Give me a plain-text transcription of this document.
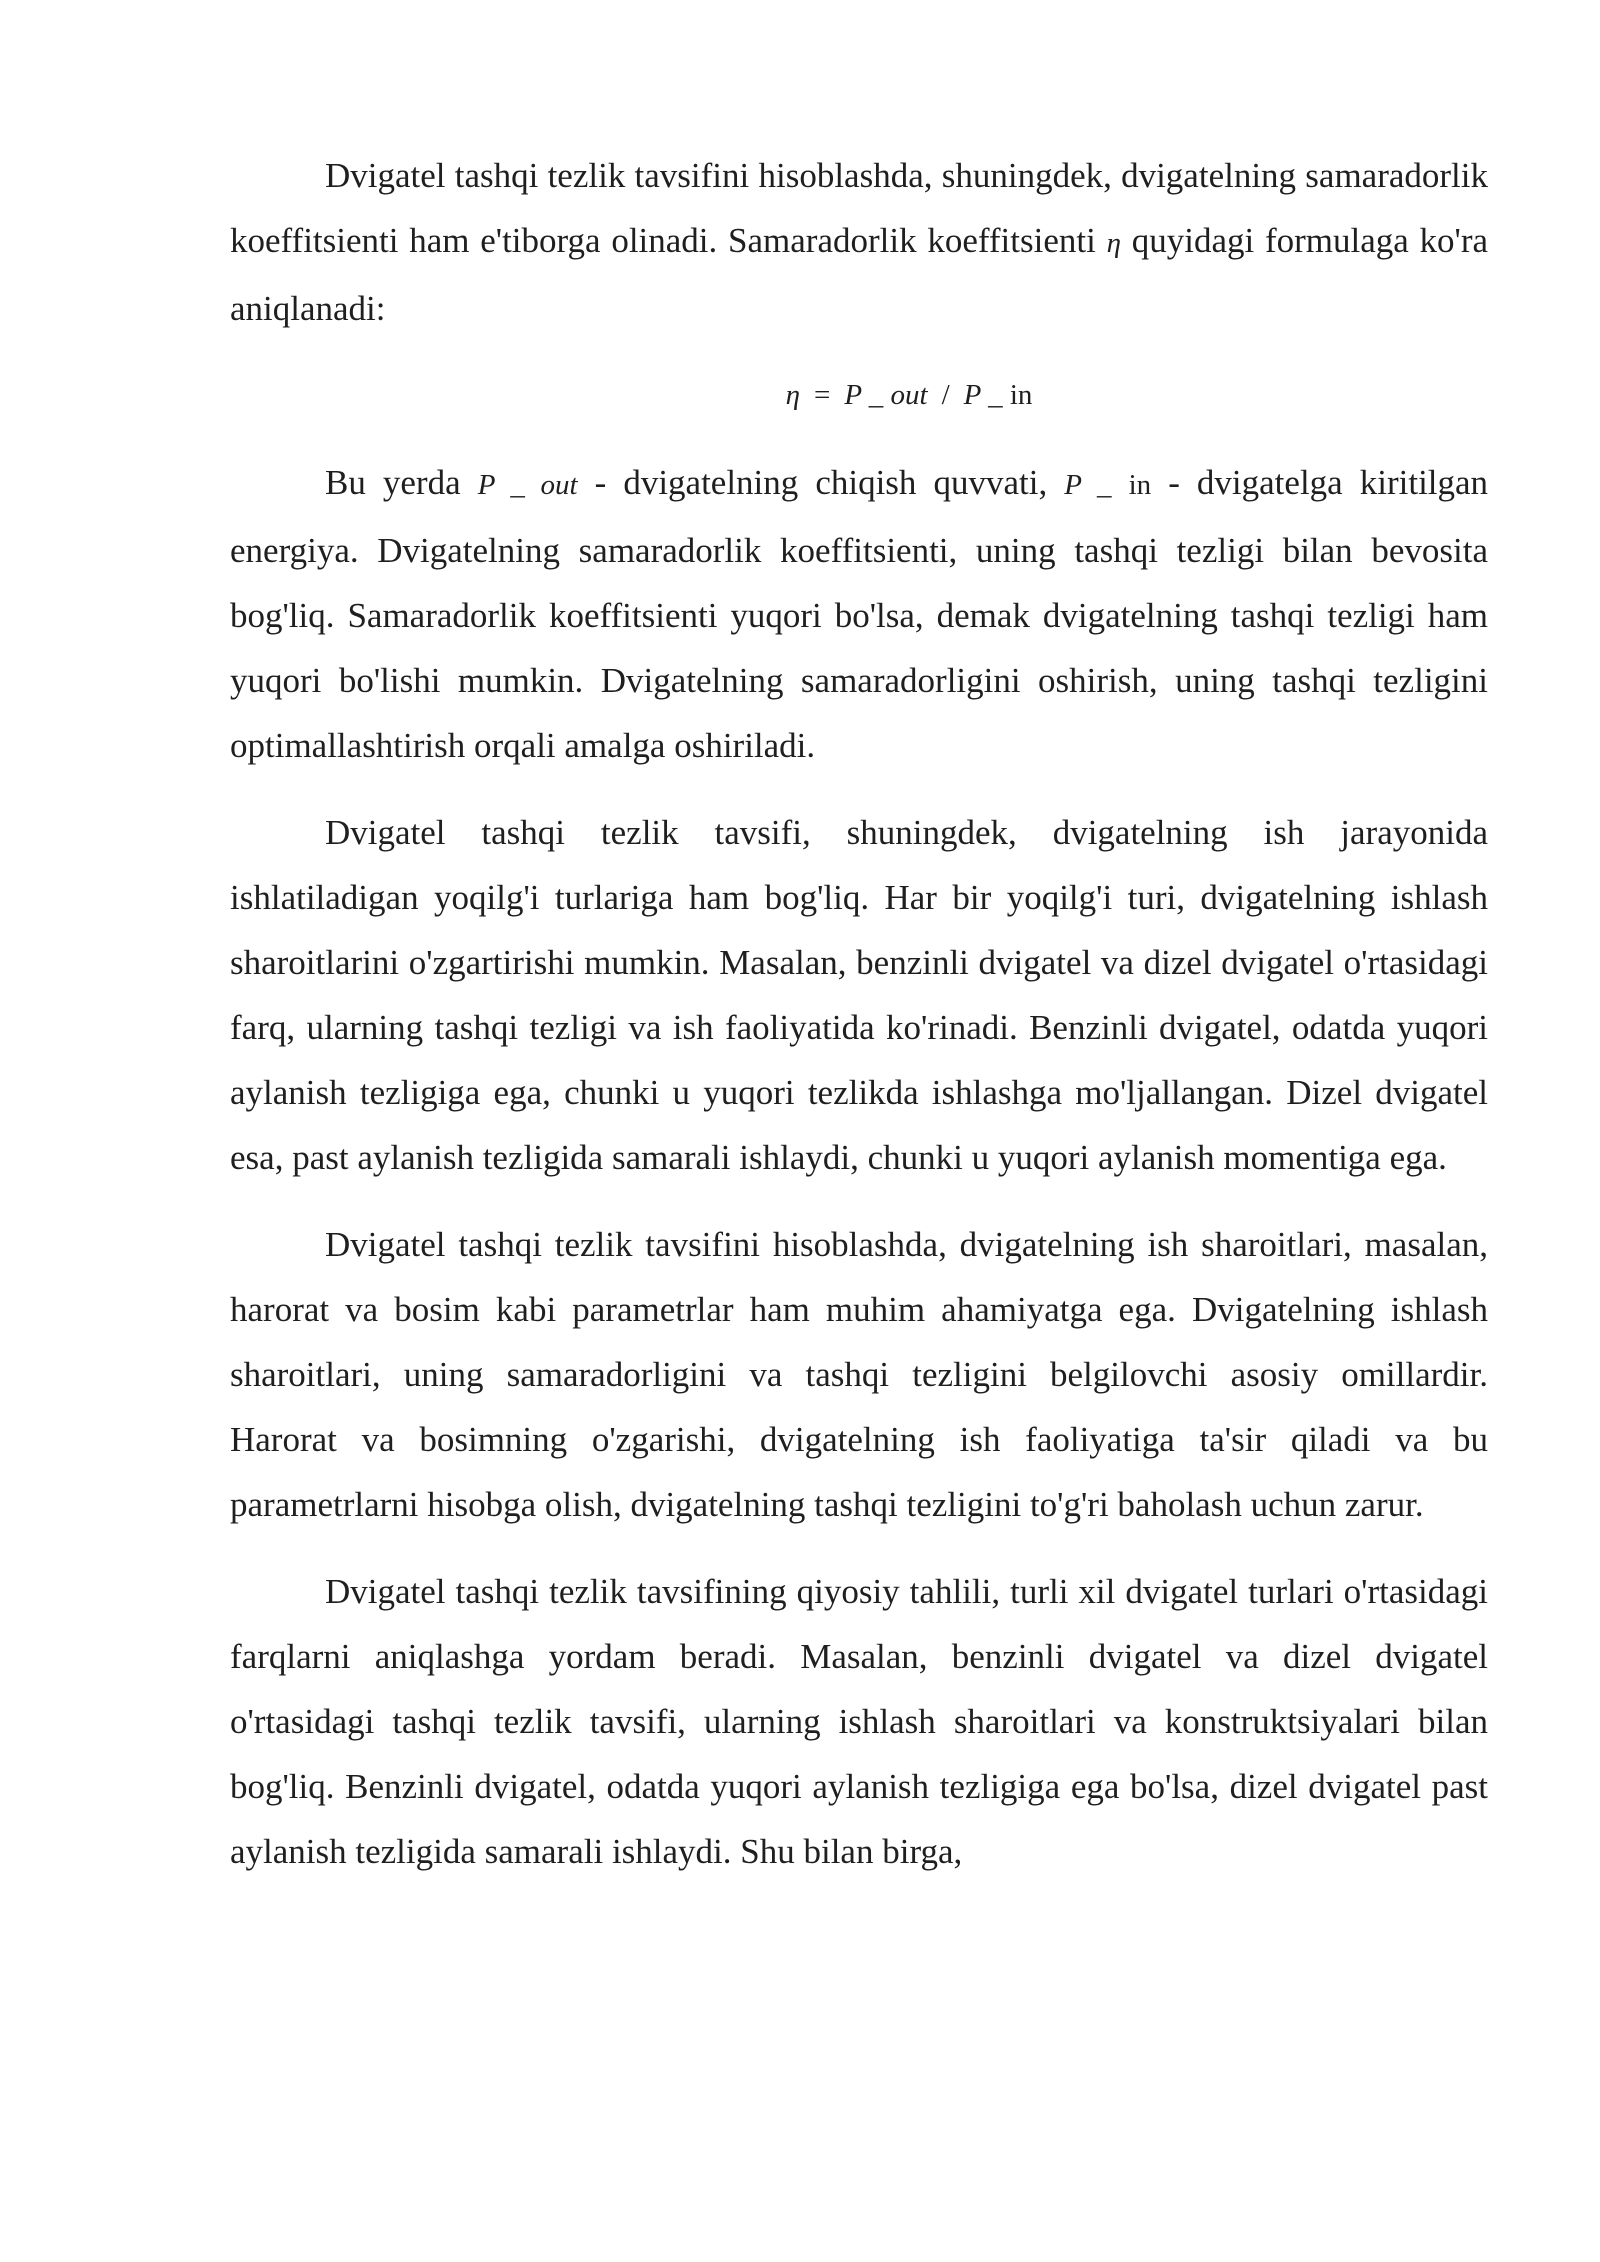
Dvigatel tashqi tezlik tavsifini hisoblashda, shuningdek, dvigatelning samaradorlik koeffitsienti ham e'tiborga olinadi. Samaradorlik koeffitsienti η quyidagi formulaga ko'ra aniqlanadi:

η = P _ out / P _ in

Bu yerda P _ out - dvigatelning chiqish quvvati, P _ in - dvigatelga kiritilgan energiya. Dvigatelning samaradorlik koeffitsienti, uning tashqi tezligi bilan bevosita bog'liq. Samaradorlik koeffitsienti yuqori bo'lsa, demak dvigatelning tashqi tezligi ham yuqori bo'lishi mumkin. Dvigatelning samaradorligini oshirish, uning tashqi tezligini optimallashtirish orqali amalga oshiriladi.

Dvigatel tashqi tezlik tavsifi, shuningdek, dvigatelning ish jarayonida ishlatiladigan yoqilg'i turlariga ham bog'liq. Har bir yoqilg'i turi, dvigatelning ishlash sharoitlarini o'zgartirishi mumkin. Masalan, benzinli dvigatel va dizel dvigatel o'rtasidagi farq, ularning tashqi tezligi va ish faoliyatida ko'rinadi. Benzinli dvigatel, odatda yuqori aylanish tezligiga ega, chunki u yuqori tezlikda ishlashga mo'ljallangan. Dizel dvigatel esa, past aylanish tezligida samarali ishlaydi, chunki u yuqori aylanish momentiga ega.

Dvigatel tashqi tezlik tavsifini hisoblashda, dvigatelning ish sharoitlari, masalan, harorat va bosim kabi parametrlar ham muhim ahamiyatga ega. Dvigatelning ishlash sharoitlari, uning samaradorligini va tashqi tezligini belgilovchi asosiy omillardir. Harorat va bosimning o'zgarishi, dvigatelning ish faoliyatiga ta'sir qiladi va bu parametrlarni hisobga olish, dvigatelning tashqi tezligini to'g'ri baholash uchun zarur.

Dvigatel tashqi tezlik tavsifining qiyosiy tahlili, turli xil dvigatel turlari o'rtasidagi farqlarni aniqlashga yordam beradi. Masalan, benzinli dvigatel va dizel dvigatel o'rtasidagi tashqi tezlik tavsifi, ularning ishlash sharoitlari va konstruktsiyalari bilan bog'liq. Benzinli dvigatel, odatda yuqori aylanish tezligiga ega bo'lsa, dizel dvigatel past aylanish tezligida samarali ishlaydi. Shu bilan birga,
